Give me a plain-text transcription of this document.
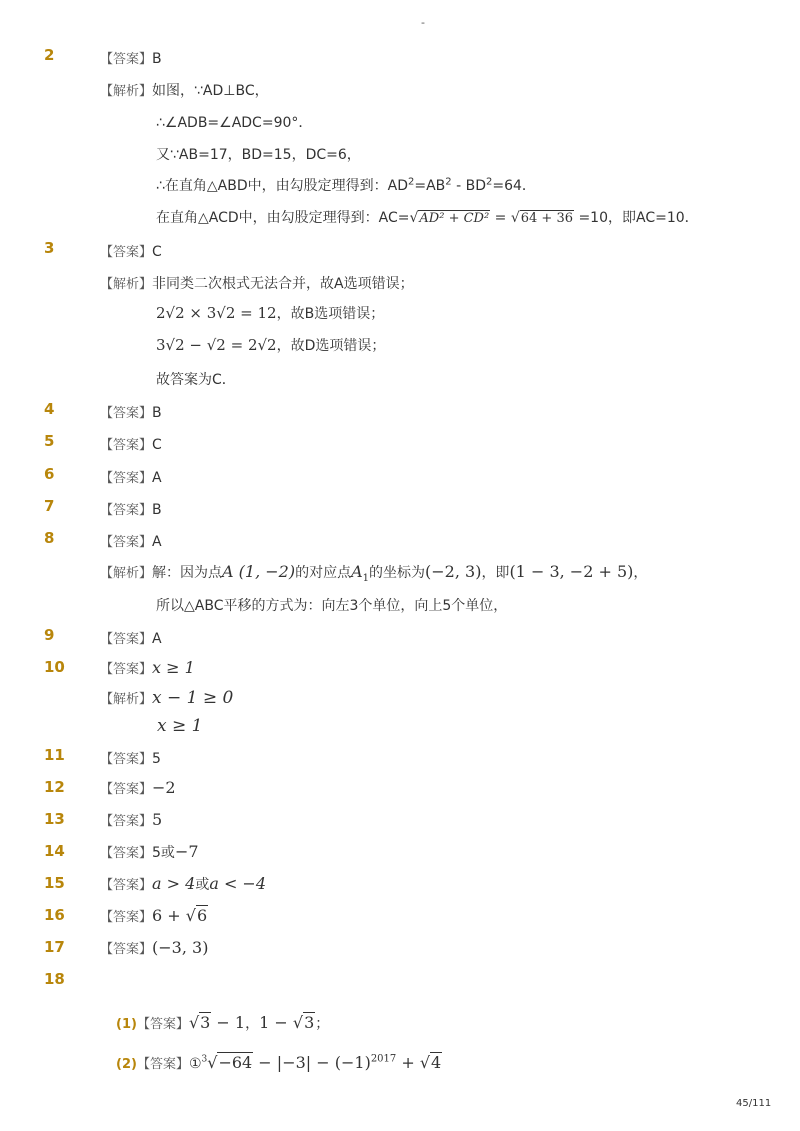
-
2	【答案】B
【解析】如图，∵AD⊥BC，
∴∠ADB=∠ADC=90°．
又∵AB=17，BD=15，DC=6，
∴在直角△ABD中，由勾股定理得到：$AD^2=AB^2 - BD^2=64$．
在直角△ACD中，由勾股定理得到：AC=√AD² + CD² = √64 + 36 =10，即AC=10．
3	【答案】C
【解析】非同类二次根式无法合并，故A选项错误；
2√2 × 3√2 = 12，故B选项错误；
3√2 − √2 = 2√2，故D选项错误；
故答案为C．
4	【答案】B
5	【答案】C
6	【答案】A
7	【答案】B
8	【答案】A
【解析】解：因为点A (1, −2)的对应点$A_1$的坐标为(−2, 3)，即(1 − 3, −2 + 5)，
所以△ABC平移的方式为：向左3个单位，向上5个单位，
9	【答案】A
10	【答案】x ≥ 1
【解析】x − 1 ≥ 0
x ≥ 1
11	【答案】5
12	【答案】−2
13	【答案】5
14	【答案】5或−7
15	【答案】a > 4或a < −4
16	【答案】6 + √6
17	【答案】(−3, 3)
18
(1)【答案】√3 − 1，1 − √3；
(2)【答案】①$^3$√−64 − $|-3| - (-1)^{2017} + √4$
45/111
